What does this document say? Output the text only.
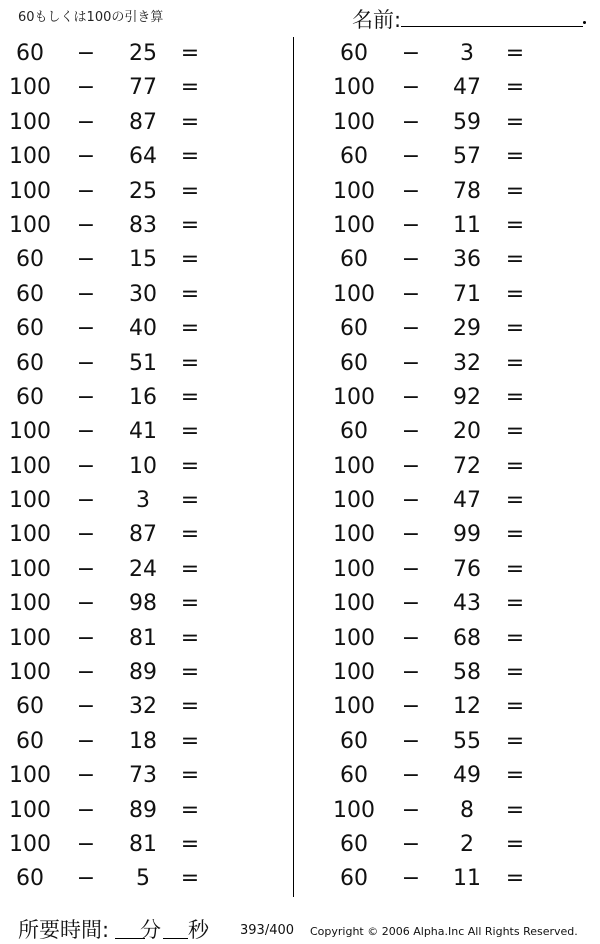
60もしくは100の引き算	名前:
60	− 25 =
100 − 77 =
100 − 87 =
100 − 64 =
100 − 25 =
100 − 83 =
60	− 15 =
60	− 30 =
60	− 40 =
60	− 51 =
60	− 16 =
100 − 41 =
100 − 10 =
100 −	3	=
100 − 87 =
100 − 24 =
100 − 98 =
100 − 81 =
100 − 89 =
60	− 32 =
60	− 18 =
100 − 73 =
100 − 89 =
100 − 81 =
60	−	5	=
60	−	3	=
100 − 47 =
100 − 59 =
60	− 57 =
100 − 78 =
100 − 11 =
60	− 36 =
100 − 71 =
60	− 29 =
60	− 32 =
100 − 92 =
60	− 20 =
100 − 72 =
100 − 47 =
100 − 99 =
100 − 76 =
100 − 43 =
100 − 68 =
100 − 58 =
100 − 12 =
60	− 55 =
60	− 49 =
100 −	8	=
60	−	2	=
60	− 11 =
所要時間: 分 秒 393/400 Copyright © 2006 Alpha.Inc All Rights Reserved.
